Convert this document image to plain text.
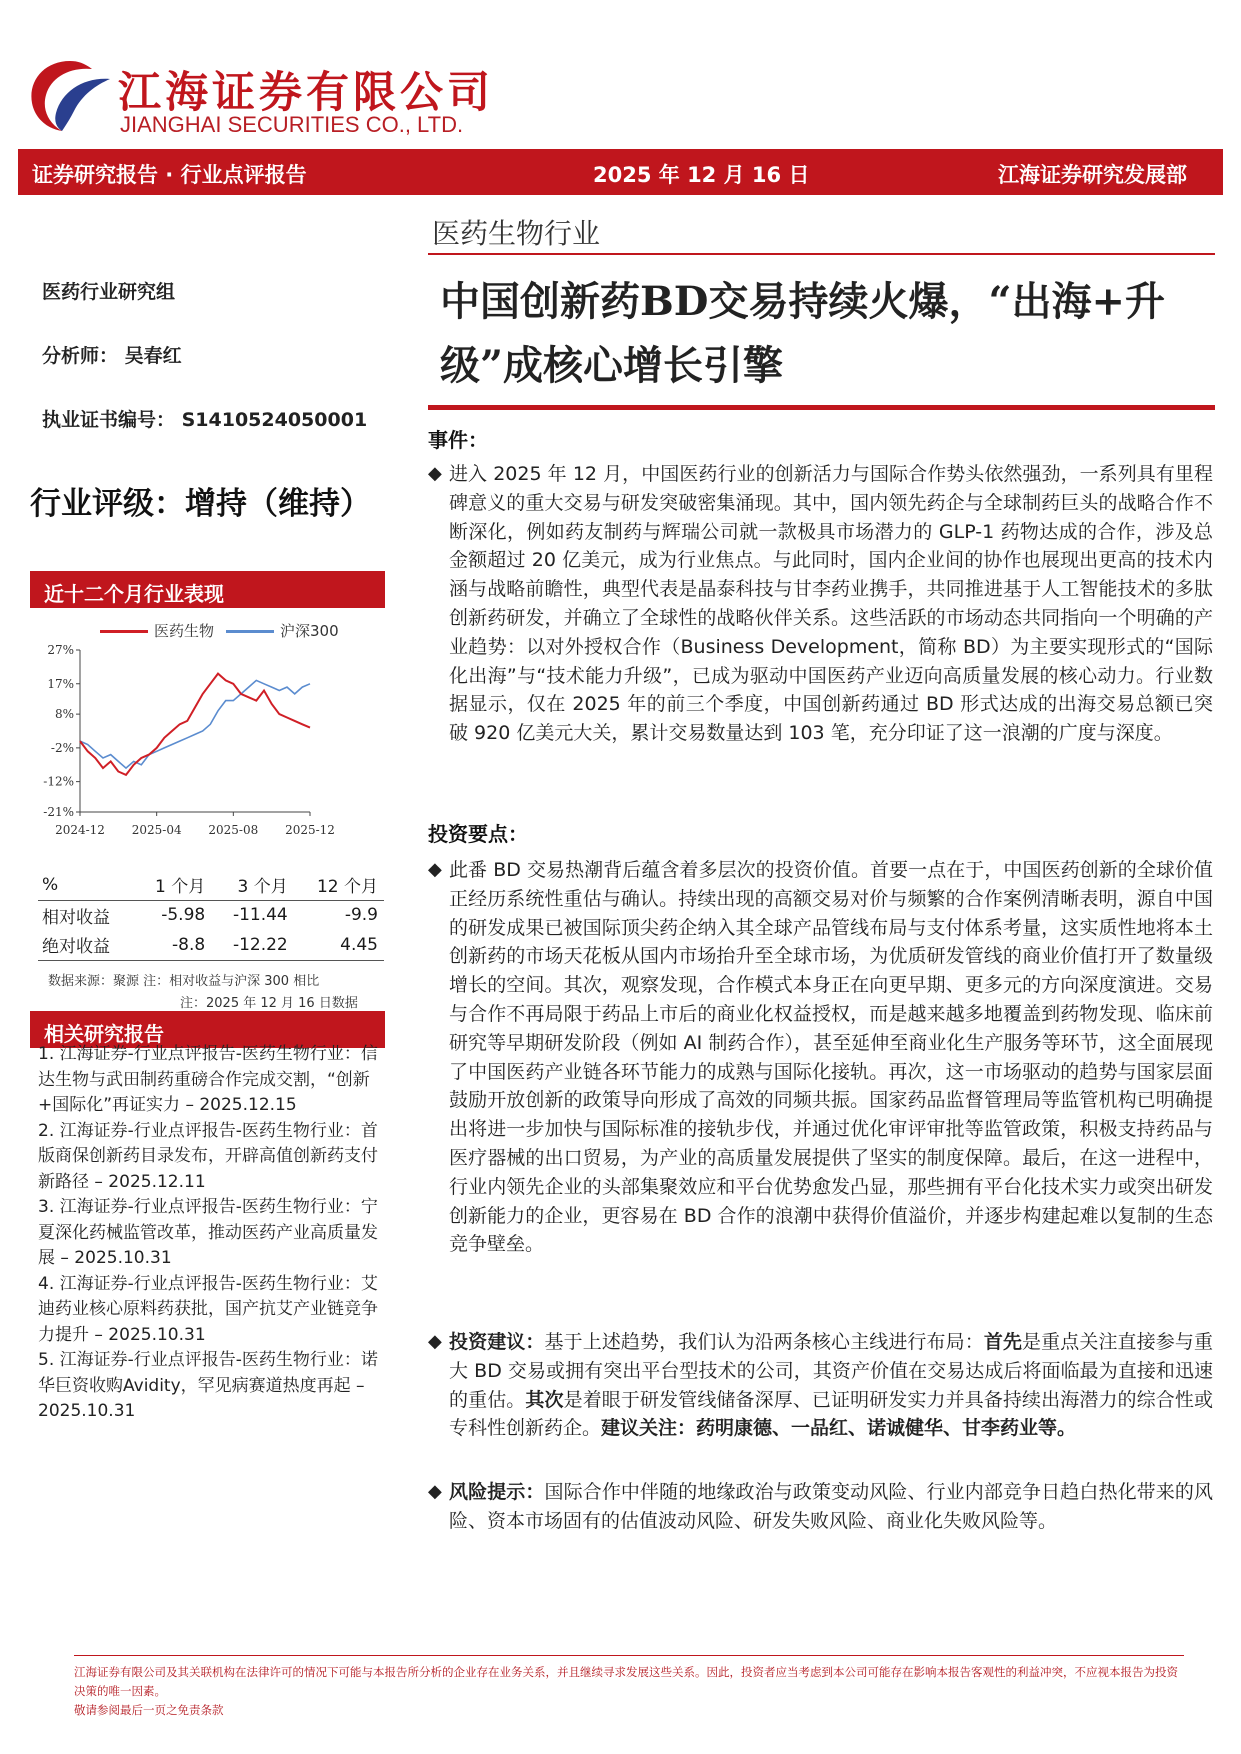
江海证券有限公司
JIANGHAI SECURITIES CO., LTD.
证券研究报告 · 行业点评报告	2025 年 12 月 16 日	江海证券研究发展部
医药生物行业
中国创新药BD交易持续火爆，“出海+升级”成核心增长引擎
医药行业研究组
分析师： 吴春红
执业证书编号： S1410524050001
行业评级：增持（维持）
近十二个月行业表现
医药生物	沪深300
27%
17%
8%
-2%
-12%
-21%
2024-12 2025-04 2025-08 2025-12
%	1 个月	3 个月	12 个月
相对收益	-5.98	-11.44	-9.9
绝对收益	-8.8	-12.22	4.45
数据来源：聚源 注：相对收益与沪深 300 相比
注：2025 年 12 月 16 日数据
相关研究报告
1. 江海证券-行业点评报告-医药生物行业：信达生物与武田制药重磅合作完成交割，“创新+国际化”再证实力 – 2025.12.15
2. 江海证券-行业点评报告-医药生物行业：首版商保创新药目录发布，开辟高值创新药支付新路径 – 2025.12.11
3. 江海证券-行业点评报告-医药生物行业：宁夏深化药械监管改革，推动医药产业高质量发展 – 2025.10.31
4. 江海证券-行业点评报告-医药生物行业：艾迪药业核心原料药获批，国产抗艾产业链竞争力提升 – 2025.10.31
5. 江海证券-行业点评报告-医药生物行业：诺华巨资收购Avidity，罕见病赛道热度再起 – 2025.10.31
事件：
◆ 进入 2025 年 12 月，中国医药行业的创新活力与国际合作势头依然强劲，一系列具有里程碑意义的重大交易与研发突破密集涌现。其中，国内领先药企与全球制药巨头的战略合作不断深化，例如药友制药与辉瑞公司就一款极具市场潜力的 GLP-1 药物达成的合作，涉及总金额超过 20 亿美元，成为行业焦点。与此同时，国内企业间的协作也展现出更高的技术内涵与战略前瞻性，典型代表是晶泰科技与甘李药业携手，共同推进基于人工智能技术的多肽创新药研发，并确立了全球性的战略伙伴关系。这些活跃的市场动态共同指向一个明确的产业趋势：以对外授权合作（Business Development，简称 BD）为主要实现形式的“国际化出海”与“技术能力升级”，已成为驱动中国医药产业迈向高质量发展的核心动力。行业数据显示，仅在 2025 年的前三个季度，中国创新药通过 BD 形式达成的出海交易总额已突破 920 亿美元大关，累计交易数量达到 103 笔，充分印证了这一浪潮的广度与深度。
投资要点：
◆ 此番 BD 交易热潮背后蕴含着多层次的投资价值。首要一点在于，中国医药创新的全球价值正经历系统性重估与确认。持续出现的高额交易对价与频繁的合作案例清晰表明，源自中国的研发成果已被国际顶尖药企纳入其全球产品管线布局与支付体系考量，这实质性地将本土创新药的市场天花板从国内市场抬升至全球市场，为优质研发管线的商业价值打开了数量级增长的空间。其次，观察发现，合作模式本身正在向更早期、更多元的方向深度演进。交易与合作不再局限于药品上市后的商业化权益授权，而是越来越多地覆盖到药物发现、临床前研究等早期研发阶段（例如 AI 制药合作），甚至延伸至商业化生产服务等环节，这全面展现了中国医药产业链各环节能力的成熟与国际化接轨。再次，这一市场驱动的趋势与国家层面鼓励开放创新的政策导向形成了高效的同频共振。国家药品监督管理局等监管机构已明确提出将进一步加快与国际标准的接轨步伐，并通过优化审评审批等监管政策，积极支持药品与医疗器械的出口贸易，为产业的高质量发展提供了坚实的制度保障。最后，在这一进程中，行业内领先企业的头部集聚效应和平台优势愈发凸显，那些拥有平台化技术实力或突出研发创新能力的企业，更容易在 BD 合作的浪潮中获得价值溢价，并逐步构建起难以复制的生态竞争壁垒。
◆ 投资建议：基于上述趋势，我们认为沿两条核心主线进行布局：首先是重点关注直接参与重大 BD 交易或拥有突出平台型技术的公司，其资产价值在交易达成后将面临最为直接和迅速的重估。其次是着眼于研发管线储备深厚、已证明研发实力并具备持续出海潜力的综合性或专科性创新药企。建议关注：药明康德、一品红、诺诚健华、甘李药业等。
◆ 风险提示：国际合作中伴随的地缘政治与政策变动风险、行业内部竞争日趋白热化带来的风险、资本市场固有的估值波动风险、研发失败风险、商业化失败风险等。
江海证券有限公司及其关联机构在法律许可的情况下可能与本报告所分析的企业存在业务关系，并且继续寻求发展这些关系。因此，投资者应当考虑到本公司可能存在影响本报告客观性的利益冲突，不应视本报告为投资决策的唯一因素。
敬请参阅最后一页之免责条款
